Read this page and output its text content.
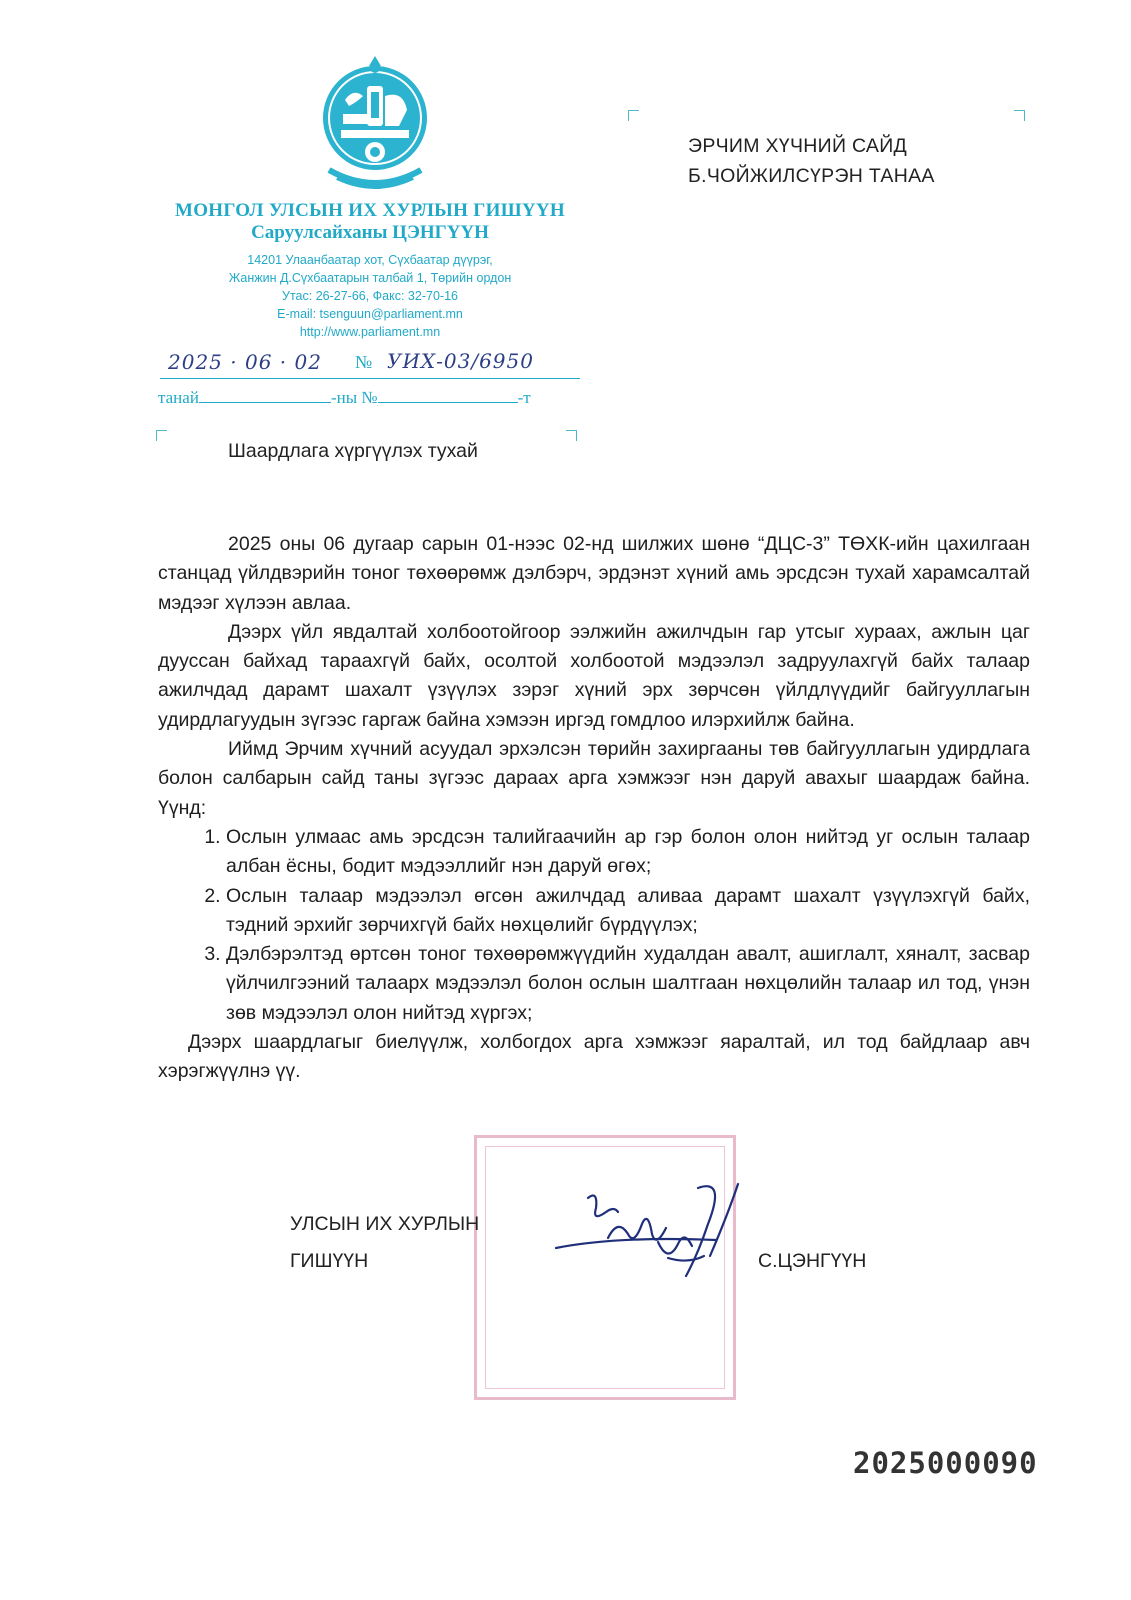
МОНГОЛ УЛСЫН ИХ ХУРЛЫН ГИШҮҮН
Саруулсайханы ЦЭНГҮҮН
14201 Улаанбаатар хот, Сүхбаатар дүүрэг,
Жанжин Д.Сүхбаатарын талбай 1, Төрийн ордон
Утас: 26-27-66, Факс: 32-70-16
E-mail: tsenguun@parliament.mn
http://www.parliament.mn
2025 · 06 · 02 № УИХ-03/6950
танай	-ны №	-т
ЭРЧИМ ХҮЧНИЙ САЙД
Б.ЧОЙЖИЛСҮРЭН ТАНАА
Шаардлага хүргүүлэх тухай

2025 оны 06 дугаар сарын 01-нээс 02-нд шилжих шөнө “ДЦС-3” ТӨХК-ийн цахилгаан станцад үйлдвэрийн тоног төхөөрөмж дэлбэрч, эрдэнэт хүний амь эрсдсэн тухай харамсалтай мэдээг хүлээн авлаа.

Дээрх үйл явдалтай холбоотойгоор ээлжийн ажилчдын гар утсыг хураах, ажлын цаг дууссан байхад тараахгүй байх, осолтой холбоотой мэдээлэл задруулахгүй байх талаар ажилчдад дарамт шахалт үзүүлэх зэрэг хүний эрх зөрчсөн үйлдлүүдийг байгууллагын удирдлагуудын зүгээс гаргаж байна хэмээн иргэд гомдлоо илэрхийлж байна.

Иймд Эрчим хүчний асуудал эрхэлсэн төрийн захиргааны төв байгууллагын удирдлага болон салбарын сайд таны зүгээс дараах арга хэмжээг нэн даруй авахыг шаардаж байна. Үүнд:

1. Ослын улмаас амь эрсдсэн талийгаачийн ар гэр болон олон нийтэд уг ослын талаар албан ёсны, бодит мэдээллийг нэн даруй өгөх;
2. Ослын талаар мэдээлэл өгсөн ажилчдад аливаа дарамт шахалт үзүүлэхгүй байх, тэдний эрхийг зөрчихгүй байх нөхцөлийг бүрдүүлэх;
3. Дэлбэрэлтэд өртсөн тоног төхөөрөмжүүдийн худалдан авалт, ашиглалт, хяналт, засвар үйлчилгээний талаарх мэдээлэл болон ослын шалтгаан нөхцөлийн талаар ил тод, үнэн зөв мэдээлэл олон нийтэд хүргэх;

Дээрх шаардлагыг биелүүлж, холбогдох арга хэмжээг яаралтай, ил тод байдлаар авч хэрэгжүүлнэ үү.

УЛСЫН ИХ ХУРЛЫН
ГИШҮҮН	С.ЦЭНГҮҮН
2025000090
